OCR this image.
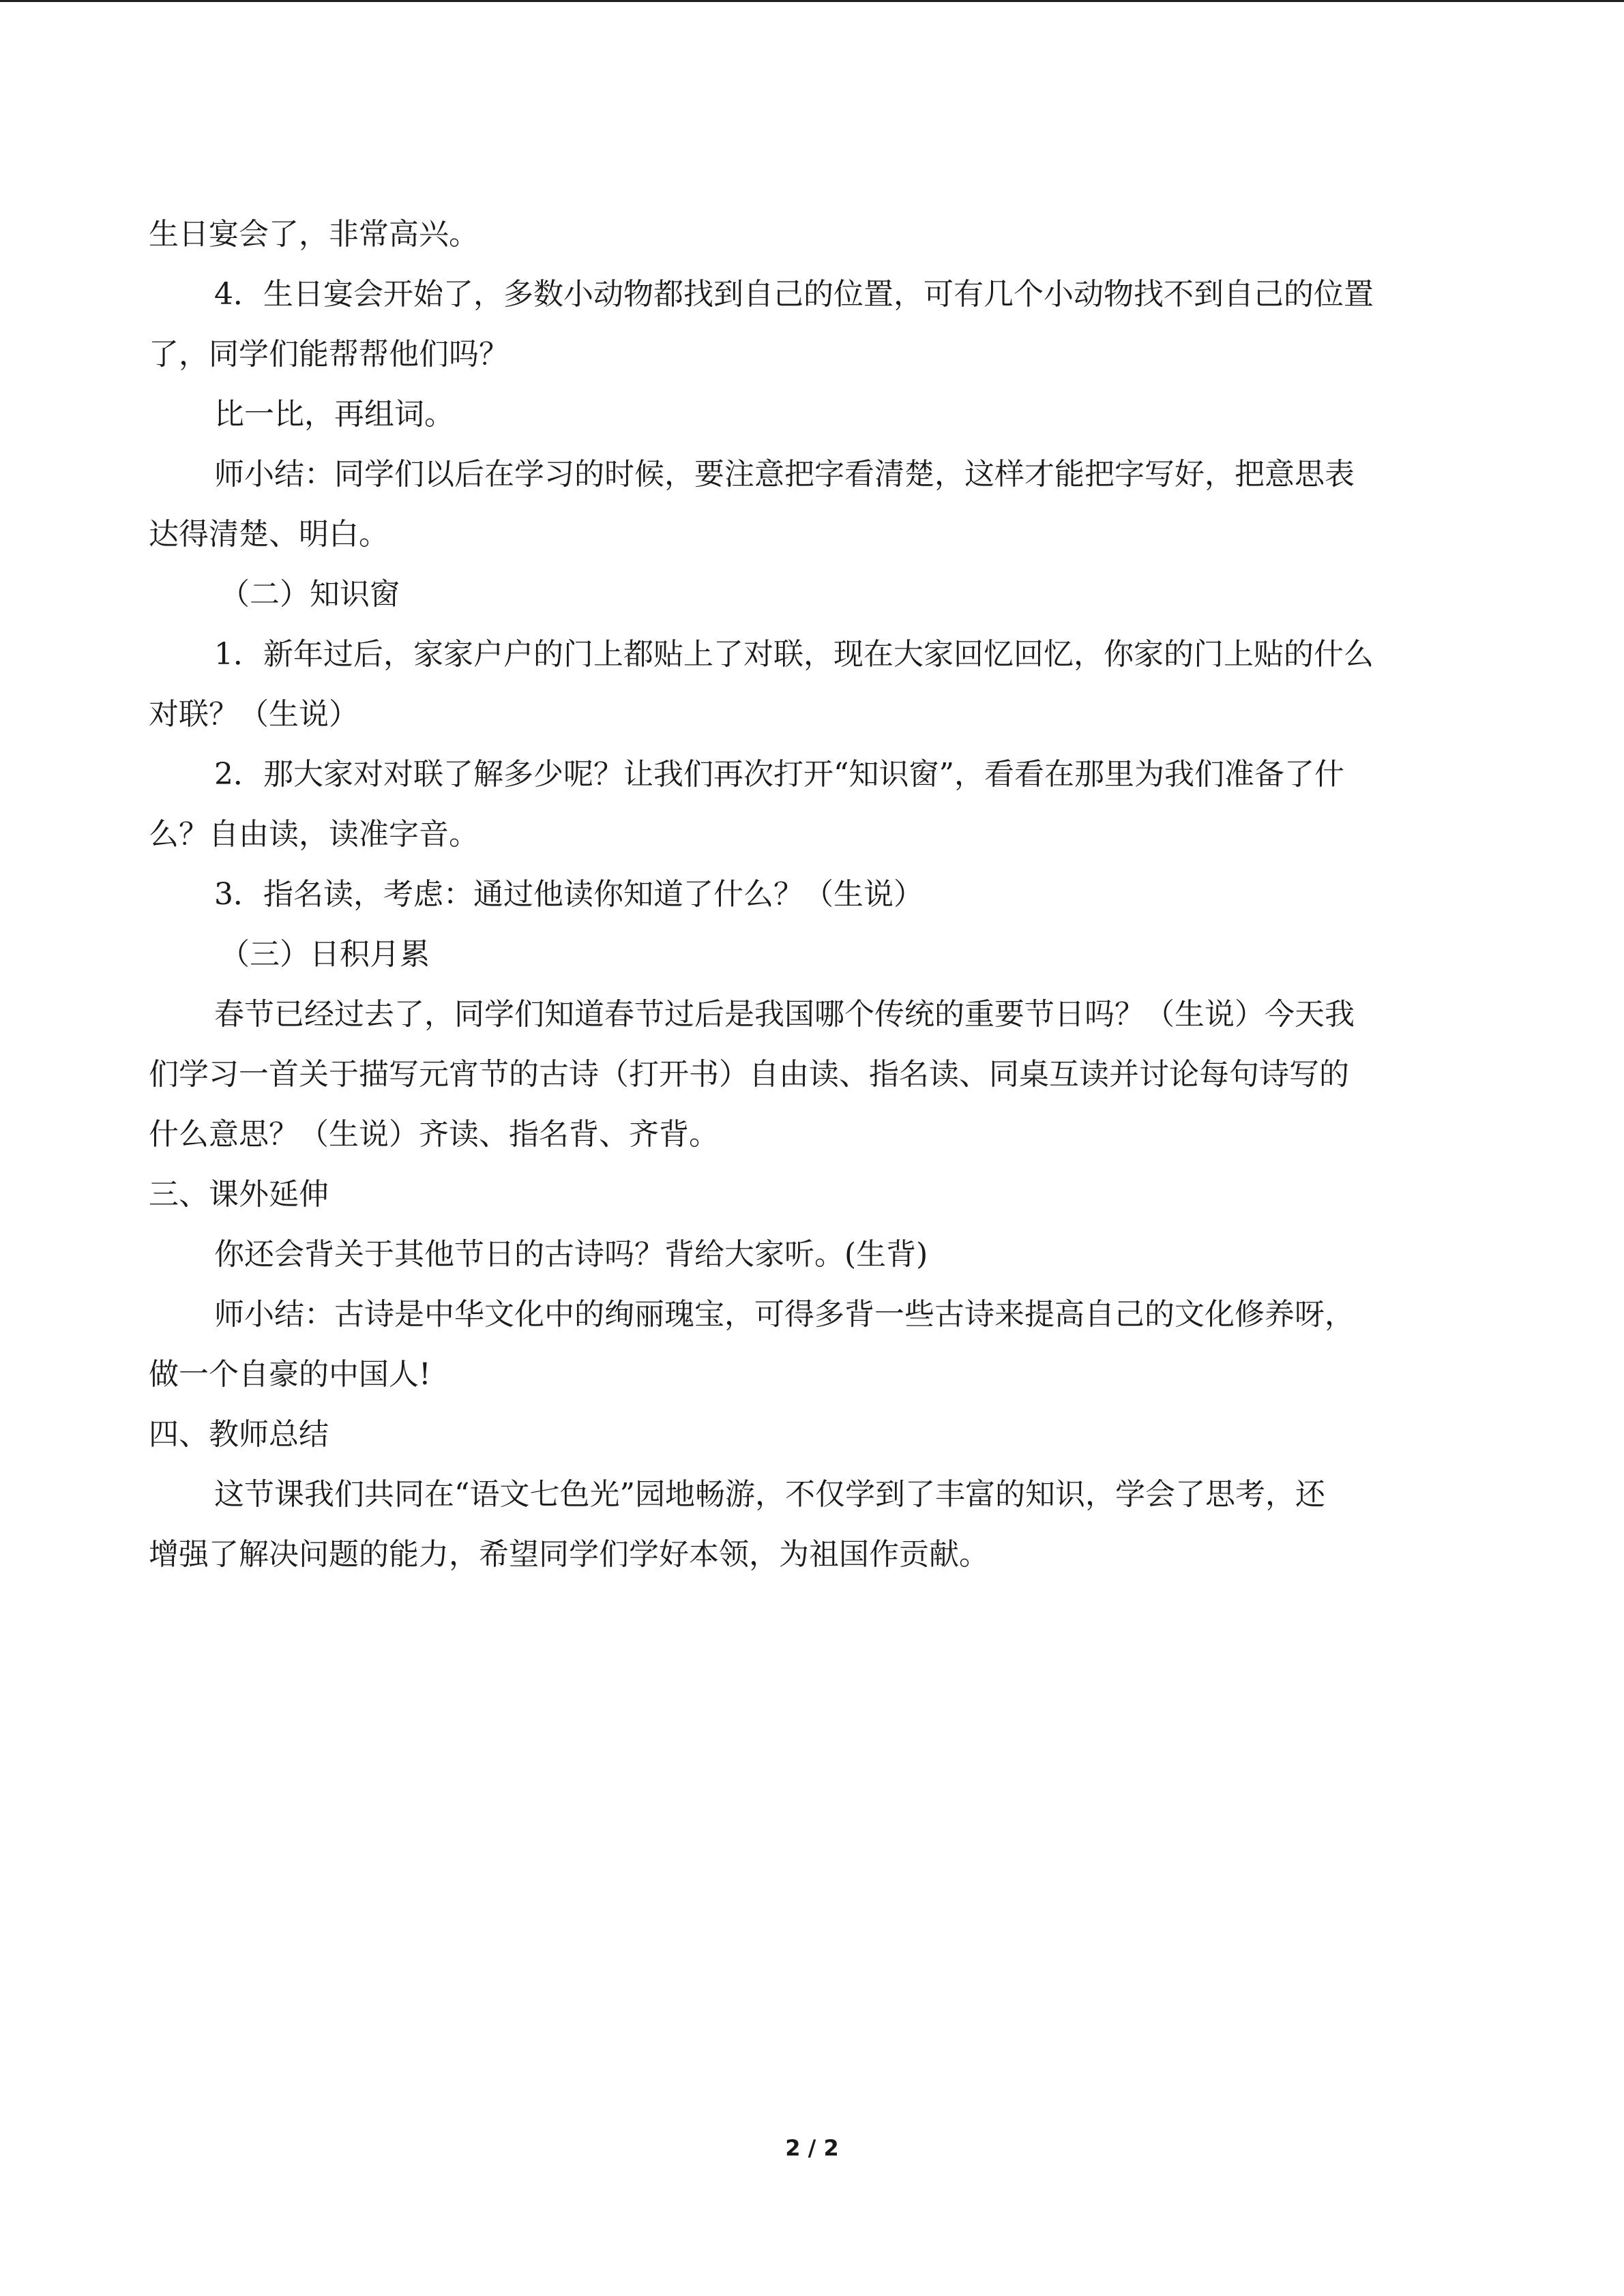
生日宴会了，非常高兴。
4．生日宴会开始了，多数小动物都找到自己的位置，可有几个小动物找不到自己的位置
了，同学们能帮帮他们吗？
比一比，再组词。
师小结：同学们以后在学习的时候，要注意把字看清楚，这样才能把字写好，把意思表
达得清楚、明白。
（二）知识窗
1．新年过后，家家户户的门上都贴上了对联，现在大家回忆回忆，你家的门上贴的什么
对联？（生说）
2．那大家对对联了解多少呢？让我们再次打开“知识窗”，看看在那里为我们准备了什
么？自由读，读准字音。
3．指名读，考虑：通过他读你知道了什么？（生说）
（三）日积月累
春节已经过去了，同学们知道春节过后是我国哪个传统的重要节日吗？（生说）今天我
们学习一首关于描写元宵节的古诗（打开书）自由读、指名读、同桌互读并讨论每句诗写的
什么意思？（生说）齐读、指名背、齐背。
三、课外延伸
你还会背关于其他节日的古诗吗？背给大家听。(生背)
师小结：古诗是中华文化中的绚丽瑰宝，可得多背一些古诗来提高自己的文化修养呀，
做一个自豪的中国人!
四、教师总结
这节课我们共同在“语文七色光”园地畅游，不仅学到了丰富的知识，学会了思考，还
增强了解决问题的能力，希望同学们学好本领，为祖国作贡献。
2 / 2
